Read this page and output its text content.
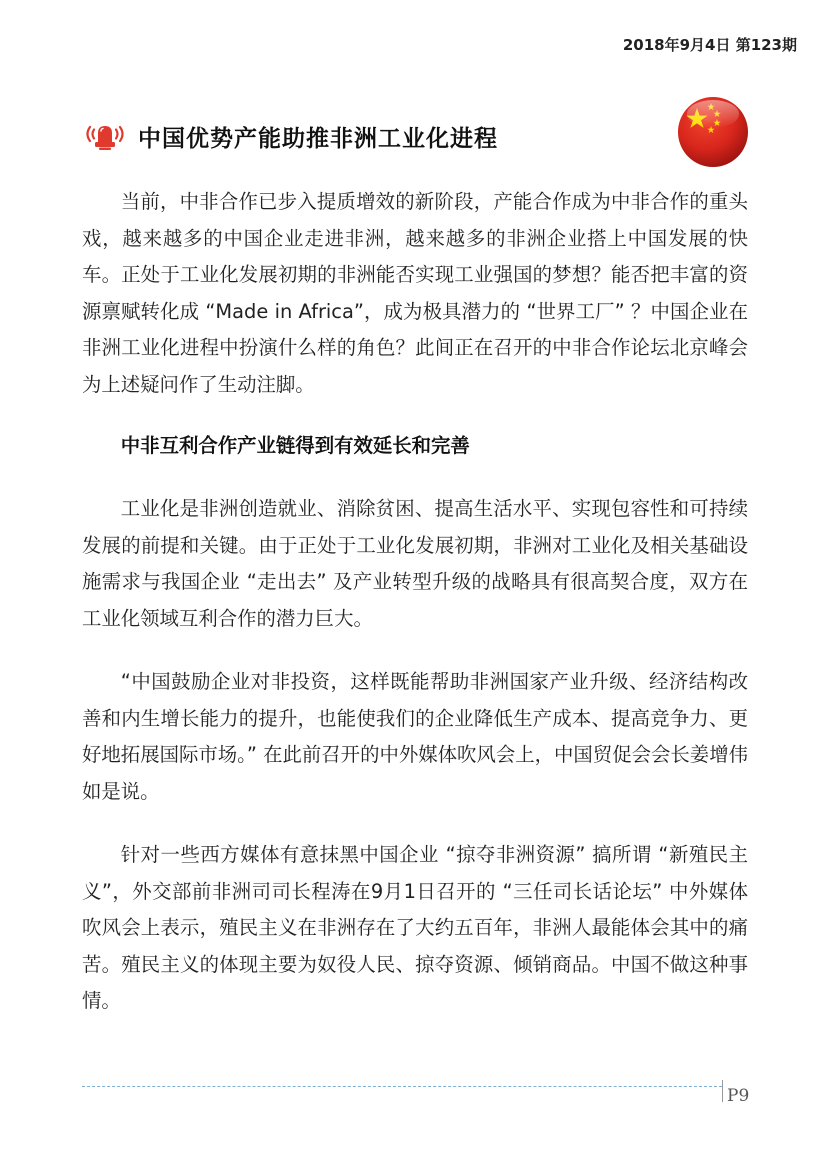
2018年9月4日 第123期
中国优势产能助推非洲工业化进程

当前，中非合作已步入提质增效的新阶段，产能合作成为中非合作的重头戏，越来越多的中国企业走进非洲，越来越多的非洲企业搭上中国发展的快车。正处于工业化发展初期的非洲能否实现工业强国的梦想？能否把丰富的资源禀赋转化成 “Made in Africa”，成为极具潜力的 “世界工厂” ？中国企业在非洲工业化进程中扮演什么样的角色？此间正在召开的中非合作论坛北京峰会为上述疑问作了生动注脚。

中非互利合作产业链得到有效延长和完善

工业化是非洲创造就业、消除贫困、提高生活水平、实现包容性和可持续发展的前提和关键。由于正处于工业化发展初期，非洲对工业化及相关基础设施需求与我国企业 “走出去” 及产业转型升级的战略具有很高契合度，双方在工业化领域互利合作的潜力巨大。

“中国鼓励企业对非投资，这样既能帮助非洲国家产业升级、经济结构改善和内生增长能力的提升，也能使我们的企业降低生产成本、提高竞争力、更好地拓展国际市场。” 在此前召开的中外媒体吹风会上，中国贸促会会长姜增伟如是说。

针对一些西方媒体有意抹黑中国企业 “掠夺非洲资源” 搞所谓 “新殖民主义”，外交部前非洲司司长程涛在9月1日召开的 “三任司长话论坛” 中外媒体吹风会上表示，殖民主义在非洲存在了大约五百年，非洲人最能体会其中的痛苦。殖民主义的体现主要为奴役人民、掠夺资源、倾销商品。中国不做这种事情。

P9
